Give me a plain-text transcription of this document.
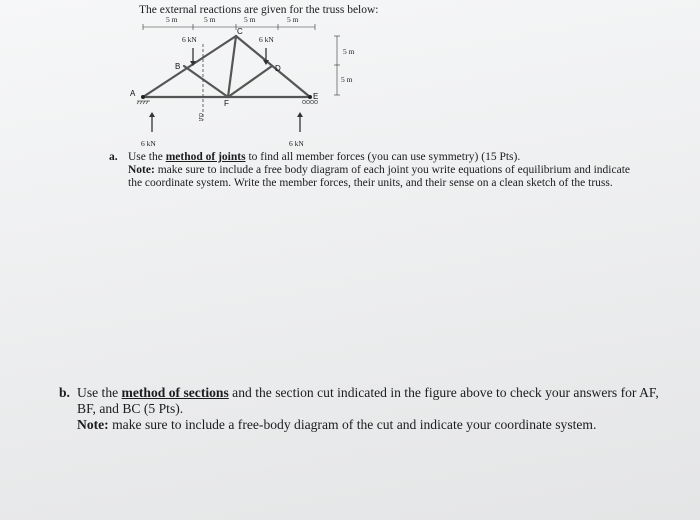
The external reactions are given for the truss below:
5 m	5 m	5 m	5 m
5 m
5 m
A
B
C
D
E
F
6 kN	6 kN
cut
6 kN	6 kN
a. Use the method of joints to find all member forces (you can use symmetry) (15 Pts).

Note: make sure to include a free body diagram of each joint you write equations of equilibrium and indicate the coordinate system. Write the member forces, their units, and their sense on a clean sketch of the truss.

b. Use the method of sections and the section cut indicated in the figure above to check your answers for AF, BF, and BC (5 Pts).

Note: make sure to include a free-body diagram of the cut and indicate your coordinate system.
